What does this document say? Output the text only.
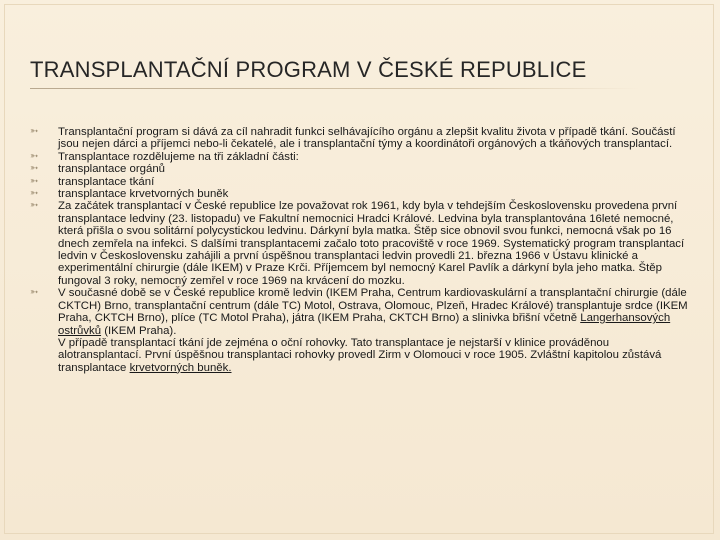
TRANSPLANTAČNÍ PROGRAM V ČESKÉ REPUBLICE
➳	Transplantační program si dává za cíl nahradit funkci selhávajícího orgánu a zlepšit kvalitu života v případě tkání. Součástí jsou nejen dárci a příjemci nebo-li čekatelé, ale i transplantační týmy a koordinátoři orgánových a tkáňových transplantací.
➳	Transplantace rozdělujeme na tři základní části:
➳	transplantace orgánů
➳	transplantace tkání
➳	transplantace krvetvorných buněk
➳	Za začátek transplantací v České republice lze považovat rok 1961, kdy byla v tehdejším Československu provedena první transplantace ledviny (23. listopadu) ve Fakultní nemocnici Hradci Králové. Ledvina byla transplantována 16leté nemocné, která přišla o svou solitární polycystickou ledvinu. Dárkyní byla matka. Štěp sice obnovil svou funkci, nemocná však po 16 dnech zemřela na infekci. S dalšími transplantacemi začalo toto pracoviště v roce 1969. Systematický program transplantací ledvin v Československu zahájili a první úspěšnou transplantaci ledvin provedli 21. března 1966 v Ústavu klinické a experimentální chirurgie (dále IKEM) v Praze Krči. Příjemcem byl nemocný Karel Pavlík a dárkyní byla jeho matka. Štěp fungoval 3 roky, nemocný zemřel v roce 1969 na krvácení do mozku.
➳	V současné době se v České republice kromě ledvin (IKEM Praha, Centrum kardiovaskulární a transplantační chirurgie (dále CKTCH) Brno, transplantační centrum (dále TC) Motol, Ostrava, Olomouc, Plzeň, Hradec Králové) transplantuje srdce (IKEM Praha, CKTCH Brno), plíce (TC Motol Praha), játra (IKEM Praha, CKTCH Brno) a slinivka břišní včetně Langerhansových ostrůvků (IKEM Praha).
V případě transplantací tkání jde zejména o oční rohovky. Tato transplantace je nejstarší v klinice prováděnou alotransplantací. První úspěšnou transplantaci rohovky provedl Zirm v Olomouci v roce 1905. Zvláštní kapitolou zůstává transplantace krvetvorných buněk.
